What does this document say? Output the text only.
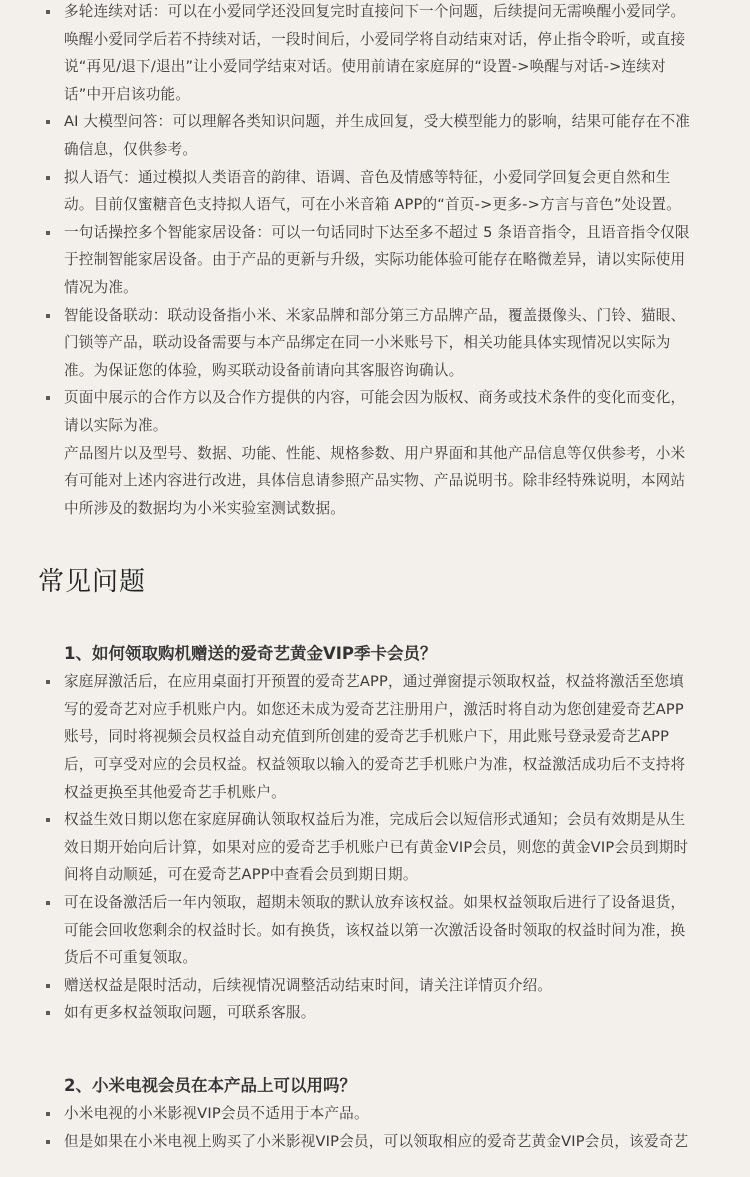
多轮连续对话：可以在小爱同学还没回复完时直接问下一个问题，后续提问无需唤醒小爱同学。唤醒小爱同学后若不持续对话，一段时间后，小爱同学将自动结束对话，停止指令聆听，或直接说“再见/退下/退出”让小爱同学结束对话。使用前请在家庭屏的“设置->唤醒与对话->连续对话”中开启该功能。

AI 大模型问答：可以理解各类知识问题，并生成回复，受大模型能力的影响，结果可能存在不准确信息，仅供参考。

拟人语气：通过模拟人类语音的韵律、语调、音色及情感等特征，小爱同学回复会更自然和生动。目前仅蜜糖音色支持拟人语气，可在小米音箱 APP的“首页->更多->方言与音色”处设置。

一句话操控多个智能家居设备：可以一句话同时下达至多不超过 5 条语音指令，且语音指令仅限于控制智能家居设备。由于产品的更新与升级，实际功能体验可能存在略微差异，请以实际使用情况为准。

智能设备联动：联动设备指小米、米家品牌和部分第三方品牌产品，覆盖摄像头、门铃、猫眼、门锁等产品，联动设备需要与本产品绑定在同一小米账号下，相关功能具体实现情况以实际为准。为保证您的体验，购买联动设备前请向其客服咨询确认。

页面中展示的合作方以及合作方提供的内容，可能会因为版权、商务或技术条件的变化而变化，请以实际为准。

产品图片以及型号、数据、功能、性能、规格参数、用户界面和其他产品信息等仅供参考，小米有可能对上述内容进行改进，具体信息请参照产品实物、产品说明书。除非经特殊说明，本网站中所涉及的数据均为小米实验室测试数据。

常见问题
1、如何领取购机赠送的爱奇艺黄金VIP季卡会员？

家庭屏激活后，在应用桌面打开预置的爱奇艺APP，通过弹窗提示领取权益，权益将激活至您填写的爱奇艺对应手机账户内。如您还未成为爱奇艺注册用户，激活时将自动为您创建爱奇艺APP账号，同时将视频会员权益自动充值到所创建的爱奇艺手机账户下，用此账号登录爱奇艺APP后，可享受对应的会员权益。权益领取以输入的爱奇艺手机账户为准，权益激活成功后不支持将权益更换至其他爱奇艺手机账户。

权益生效日期以您在家庭屏确认领取权益后为准，完成后会以短信形式通知；会员有效期是从生效日期开始向后计算，如果对应的爱奇艺手机账户已有黄金VIP会员，则您的黄金VIP会员到期时间将自动顺延，可在爱奇艺APP中查看会员到期日期。

可在设备激活后一年内领取，超期未领取的默认放弃该权益。如果权益领取后进行了设备退货，可能会回收您剩余的权益时长。如有换货，该权益以第一次激活设备时领取的权益时间为准，换货后不可重复领取。

赠送权益是限时活动，后续视情况调整活动结束时间，请关注详情页介绍。

如有更多权益领取问题，可联系客服。

2、小米电视会员在本产品上可以用吗？

小米电视的小米影视VIP会员不适用于本产品。

但是如果在小米电视上购买了小米影视VIP会员，可以领取相应的爱奇艺黄金VIP会员，该爱奇艺
